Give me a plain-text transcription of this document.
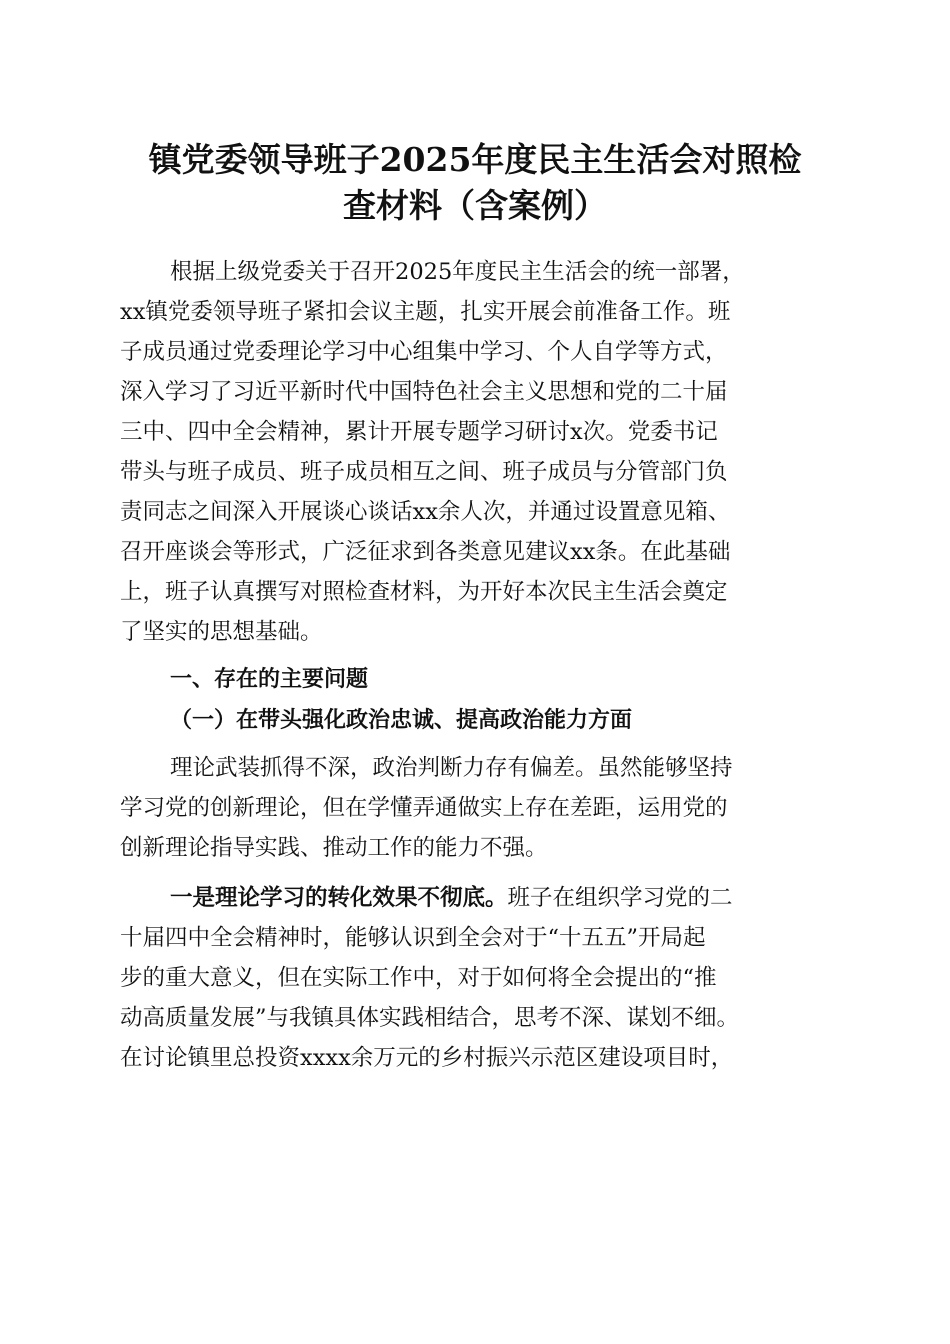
镇党委领导班子2025年度民主生活会对照检
查材料（含案例）
根据上级党委关于召开2025年度民主生活会的统一部署，
xx镇党委领导班子紧扣会议主题，扎实开展会前准备工作。班
子成员通过党委理论学习中心组集中学习、个人自学等方式，
深入学习了习近平新时代中国特色社会主义思想和党的二十届
三中、四中全会精神，累计开展专题学习研讨x次。党委书记
带头与班子成员、班子成员相互之间、班子成员与分管部门负
责同志之间深入开展谈心谈话xx余人次，并通过设置意见箱、
召开座谈会等形式，广泛征求到各类意见建议xx条。在此基础
上，班子认真撰写对照检查材料，为开好本次民主生活会奠定
了坚实的思想基础。
一、存在的主要问题
（一）在带头强化政治忠诚、提高政治能力方面
理论武装抓得不深，政治判断力存有偏差。虽然能够坚持
学习党的创新理论，但在学懂弄通做实上存在差距，运用党的
创新理论指导实践、推动工作的能力不强。
一是理论学习的转化效果不彻底。班子在组织学习党的二
十届四中全会精神时，能够认识到全会对于“十五五”开局起
步的重大意义，但在实际工作中，对于如何将全会提出的“推
动高质量发展”与我镇具体实践相结合，思考不深、谋划不细。
在讨论镇里总投资xxxx余万元的乡村振兴示范区建设项目时，
